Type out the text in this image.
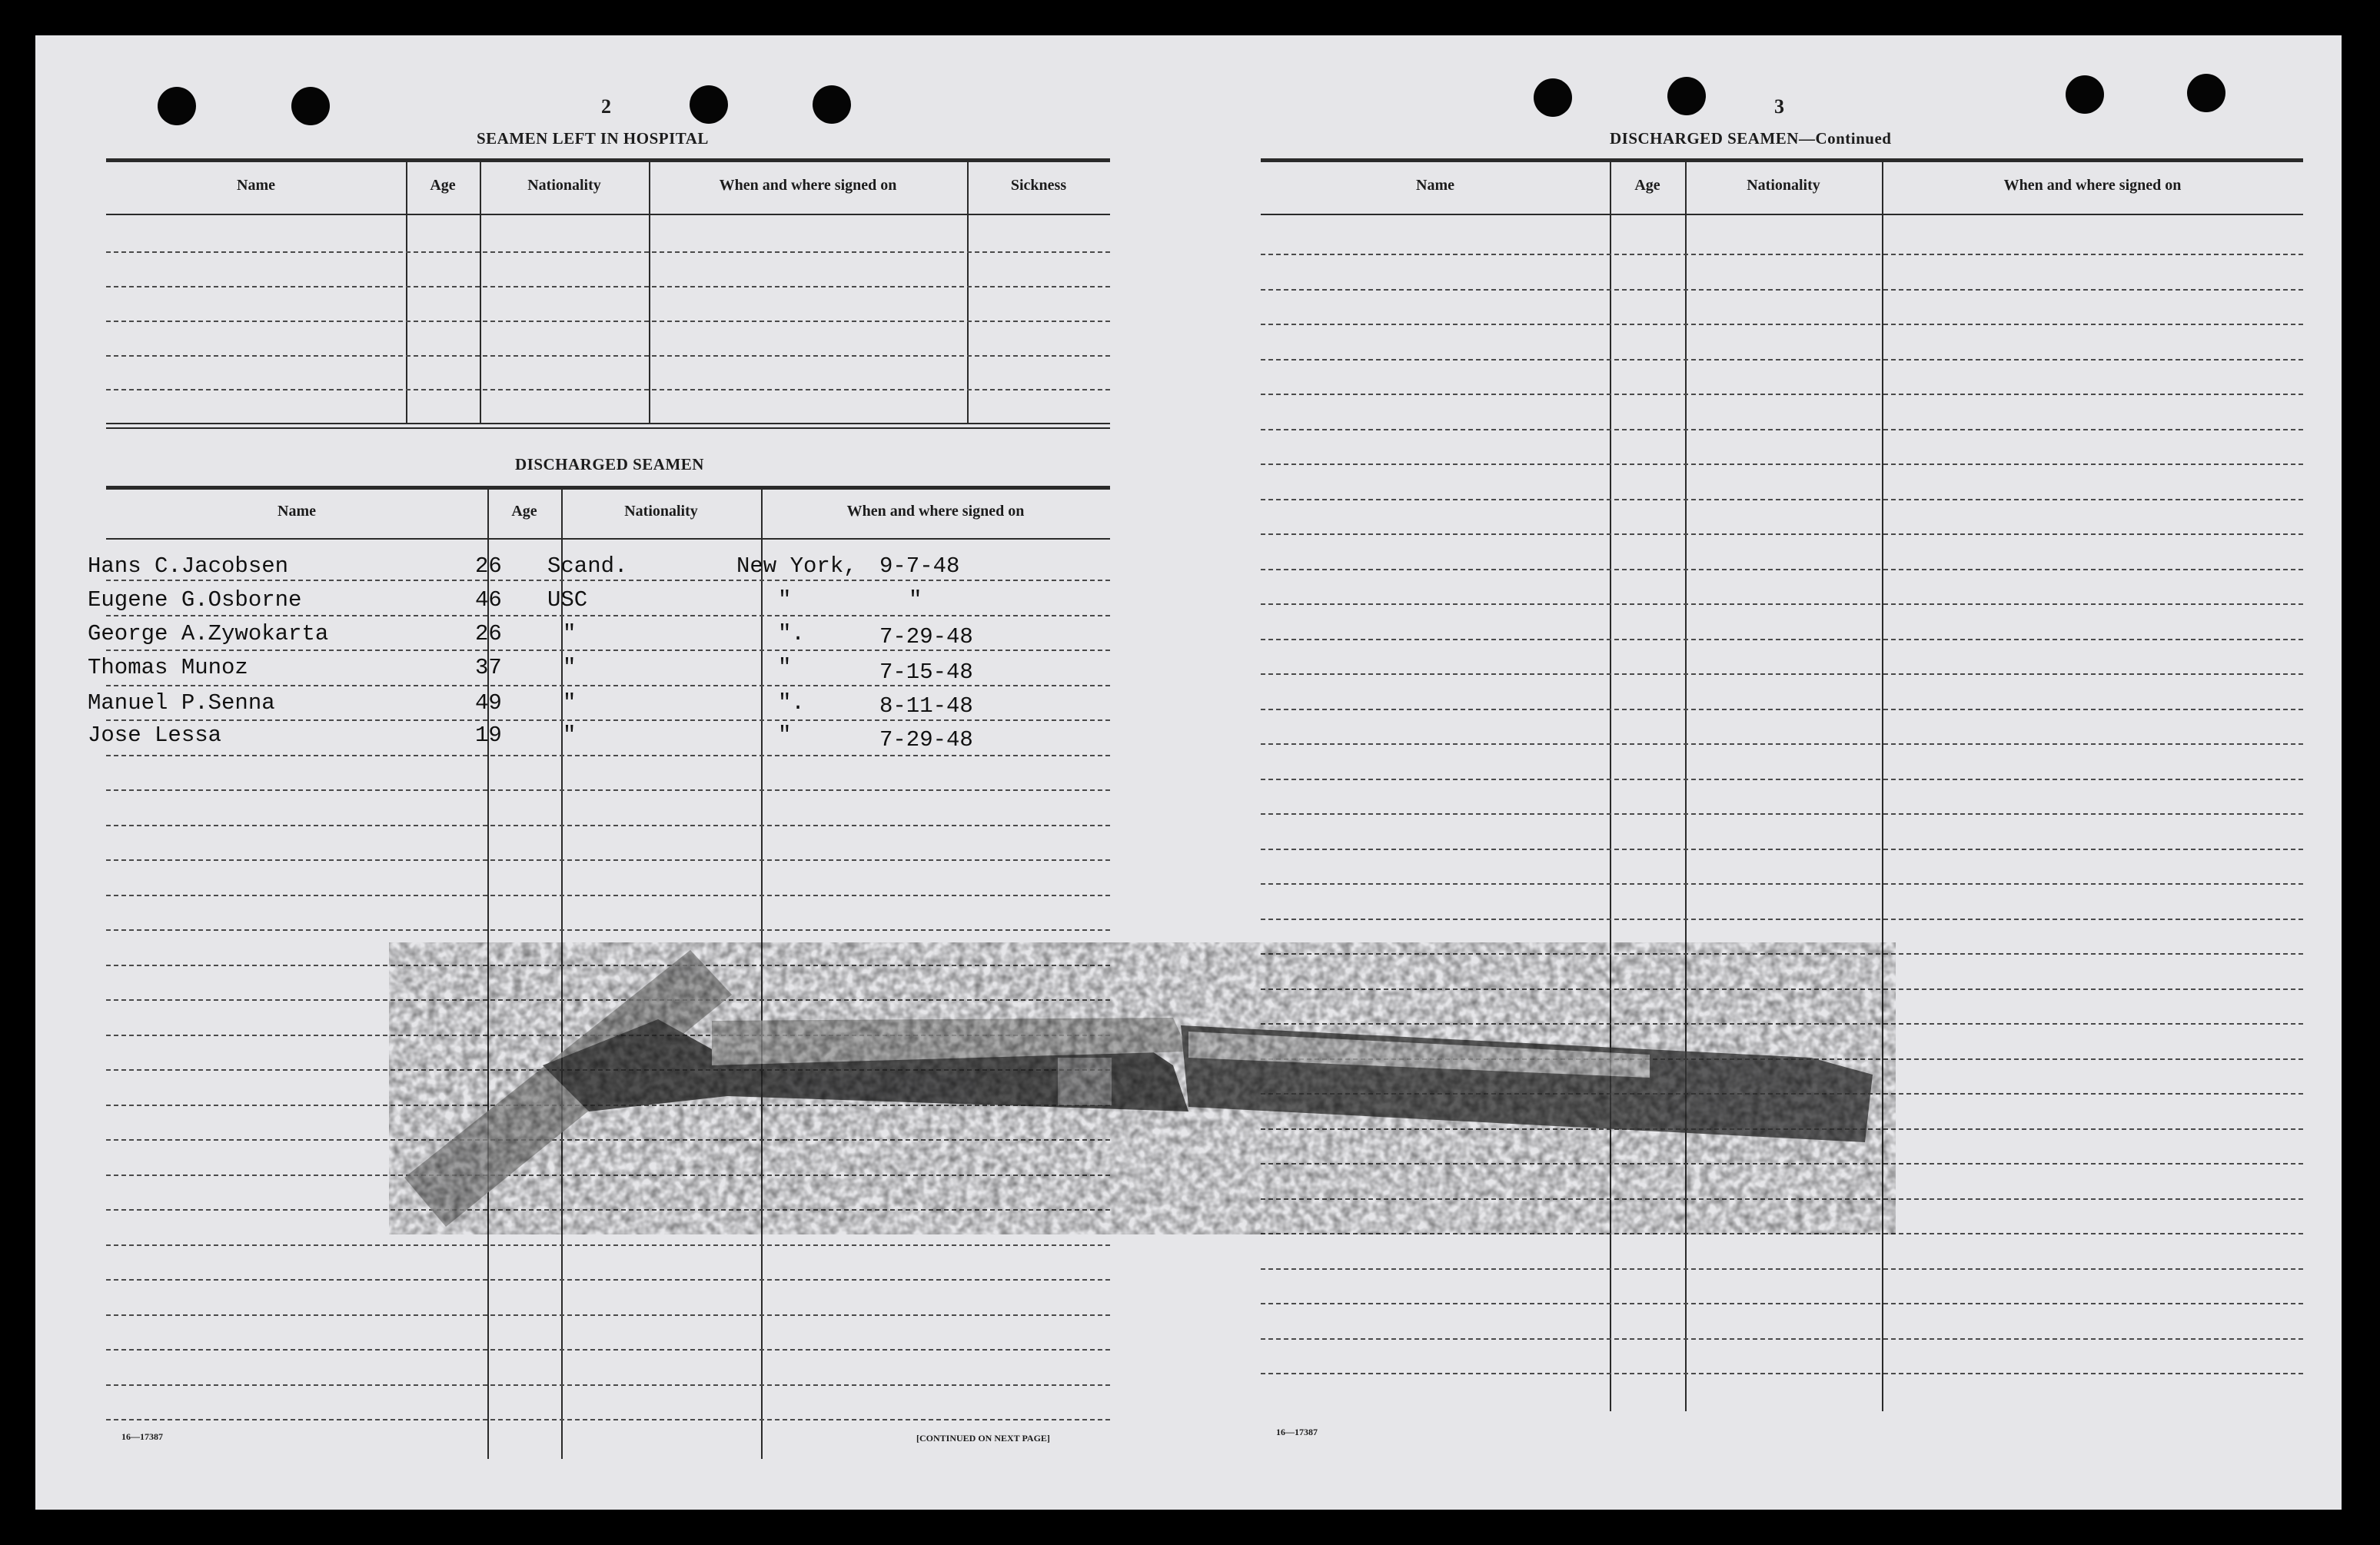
2
SEAMEN LEFT IN HOSPITAL
Name	Age	Nationality	When and where signed on	Sickness
DISCHARGED SEAMEN
Name	Age	Nationality	When and where signed on
Hans C.Jacobsen	26 Scand.	New York, 9-7-48
Eugene G.Osborne	46 USC	"	"
George A.Zywokarta	26	"	".	7-29-48
Thomas Munoz	37	"	"	7-15-48
Manuel P.Senna	49	"	".	8-11-48
Jose Lessa	19	"	"	7-29-48
16—17387	[CONTINUED ON NEXT PAGE]
3
DISCHARGED SEAMEN—Continued
Name	Age	Nationality	When and where signed on
16—17387
